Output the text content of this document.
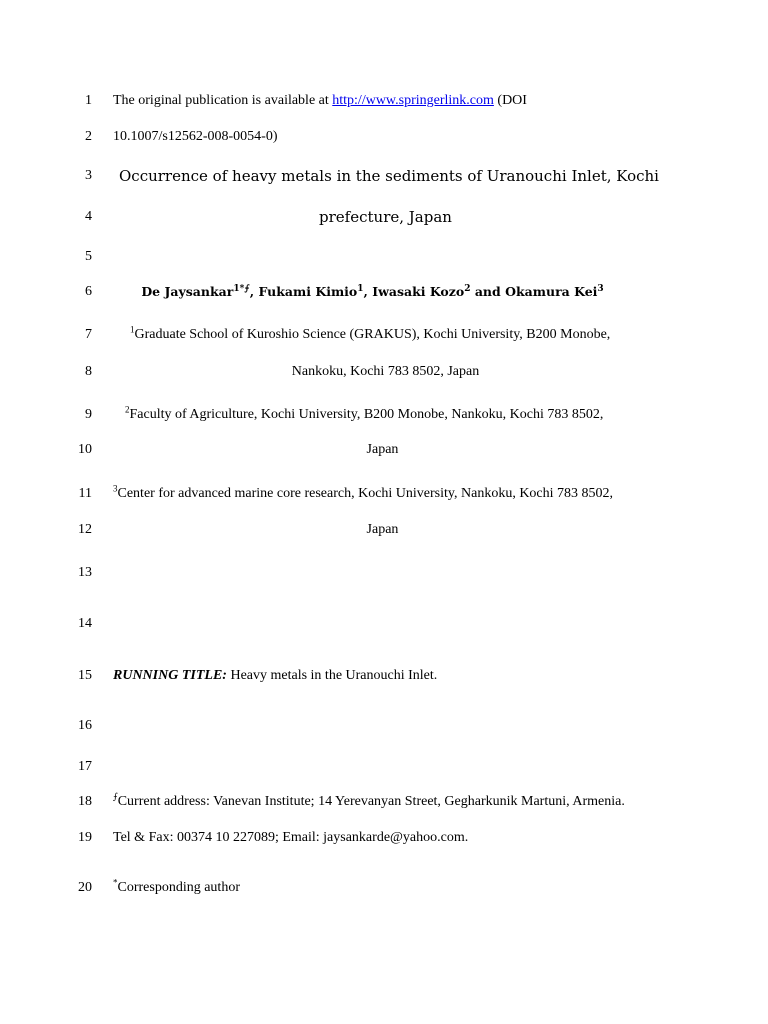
1 The original publication is available at http://www.springerlink.com (DOI
2 10.1007/s12562-008-0054-0)
3 Occurrence of heavy metals in the sediments of Uranouchi Inlet, Kochi
4	prefecture, Japan
5
6	De Jaysankar$^{1*⨍}$, Fukami Kimio$^1$, Iwasaki Kozo$^2$ and Okamura Kei$^3$
7	$^1$Graduate School of Kuroshio Science (GRAKUS), Kochi University, B200 Monobe,
8	Nankoku, Kochi 783 8502, Japan
9	$^2$Faculty of Agriculture, Kochi University, B200 Monobe, Nankoku, Kochi 783 8502,
10	Japan
11 $^3$Center for advanced marine core research, Kochi University, Nankoku, Kochi 783 8502,
12	Japan
13
14
15 RUNNING TITLE: Heavy metals in the Uranouchi Inlet.
16
17
18 ⨍Current address: Vanevan Institute; 14 Yerevanyan Street, Gegharkunik Martuni, Armenia.
19 Tel & Fax: 00374 10 227089; Email: jaysankarde@yahoo.com.
20 *Corresponding author
